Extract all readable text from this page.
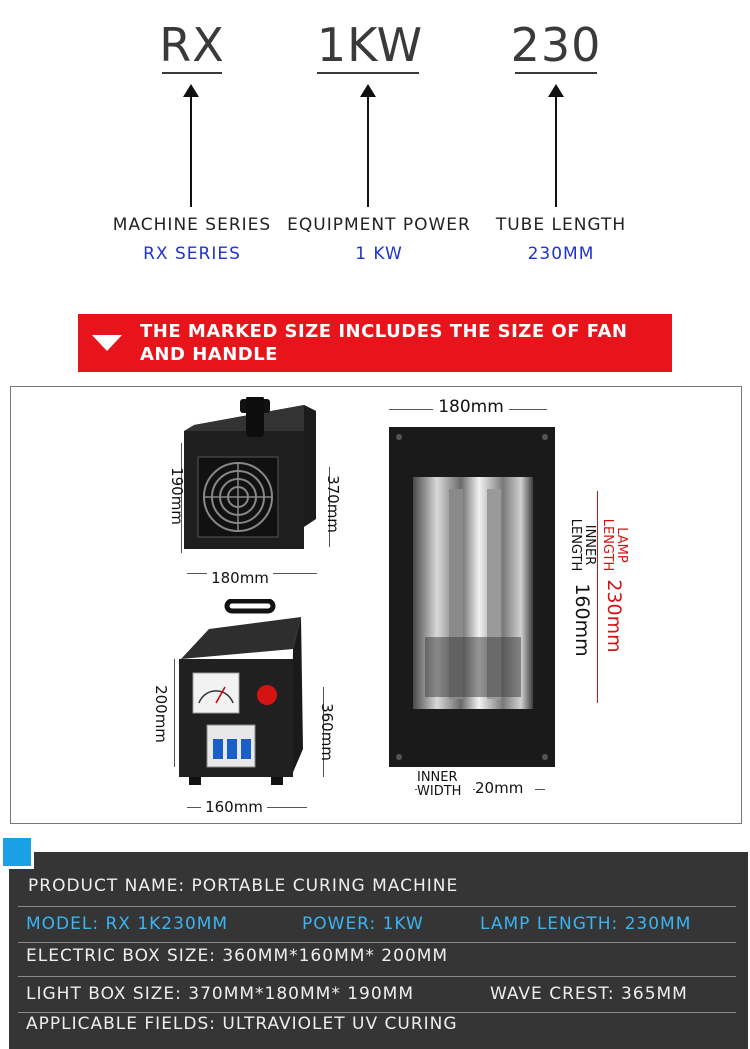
RX	1KW	230
MACHINE SERIES
RX SERIES
EQUIPMENT POWER
1 KW
TUBE LENGTH
230MM
THE MARKED SIZE INCLUDES THE SIZE OF FAN AND HANDLE
190mm	370mm
180mm
200mm	360mm
160mm
180mm
LAMP LENGTH
230mm
INNER LENGTH
160mm
INNER WIDTH 20mm
PRODUCT NAME: PORTABLE CURING MACHINE
MODEL: RX 1K230MM	POWER: 1KW	LAMP LENGTH: 230MM
ELECTRIC BOX SIZE: 360MM*160MM* 200MM
LIGHT BOX SIZE: 370MM*180MM* 190MM	WAVE CREST: 365MM
APPLICABLE FIELDS: ULTRAVIOLET UV CURING
